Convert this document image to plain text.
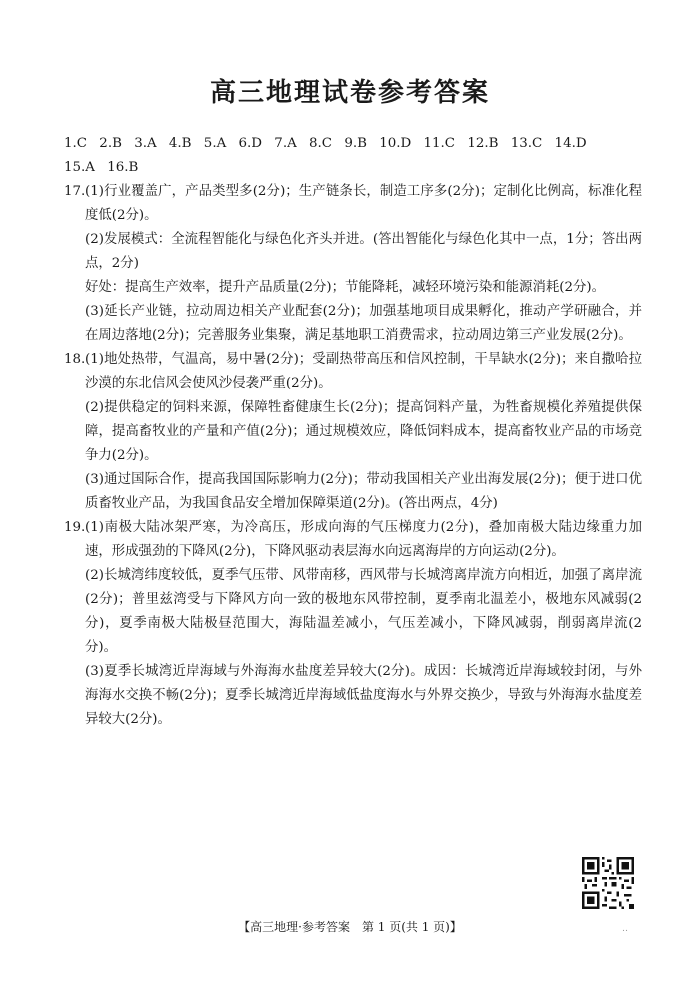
高三地理试卷参考答案
1.C 2.B 3.A 4.B 5.A 6.D 7.A 8.C 9.B 10.D 11.C 12.B 13.C 14.D
15.A 16.B
17. (1)行业覆盖广，产品类型多(2分)；生产链条长，制造工序多(2分)；定制化比例高，标准化程度低(2分)。
(2)发展模式：全流程智能化与绿色化齐头并进。(答出智能化与绿色化其中一点，1分；答出两点，2分)
好处：提高生产效率，提升产品质量(2分)；节能降耗，减轻环境污染和能源消耗(2分)。
(3)延长产业链，拉动周边相关产业配套(2分)；加强基地项目成果孵化，推动产学研融合，并在周边落地(2分)；完善服务业集聚，满足基地职工消费需求，拉动周边第三产业发展(2分)。
18. (1)地处热带，气温高，易中暑(2分)；受副热带高压和信风控制，干旱缺水(2分)；来自撒哈拉沙漠的东北信风会使风沙侵袭严重(2分)。
(2)提供稳定的饲料来源，保障牲畜健康生长(2分)；提高饲料产量，为牲畜规模化养殖提供保障，提高畜牧业的产量和产值(2分)；通过规模效应，降低饲料成本，提高畜牧业产品的市场竞争力(2分)。
(3)通过国际合作，提高我国国际影响力(2分)；带动我国相关产业出海发展(2分)；便于进口优质畜牧业产品，为我国食品安全增加保障渠道(2分)。(答出两点，4分)
19. (1)南极大陆冰架严寒，为冷高压，形成向海的气压梯度力(2分)，叠加南极大陆边缘重力加速，形成强劲的下降风(2分)，下降风驱动表层海水向远离海岸的方向运动(2分)。
(2)长城湾纬度较低，夏季气压带、风带南移，西风带与长城湾离岸流方向相近，加强了离岸流(2分)；普里兹湾受与下降风方向一致的极地东风带控制，夏季南北温差小，极地东风减弱(2分)，夏季南极大陆极昼范围大，海陆温差减小，气压差减小，下降风减弱，削弱离岸流(2分)。
(3)夏季长城湾近岸海域与外海海水盐度差异较大(2分)。成因：长城湾近岸海域较封闭，与外海海水交换不畅(2分)；夏季长城湾近岸海域低盐度海水与外界交换少，导致与外海海水盐度差异较大(2分)。
【高三地理·参考答案　第 1 页(共 1 页)】	‥
